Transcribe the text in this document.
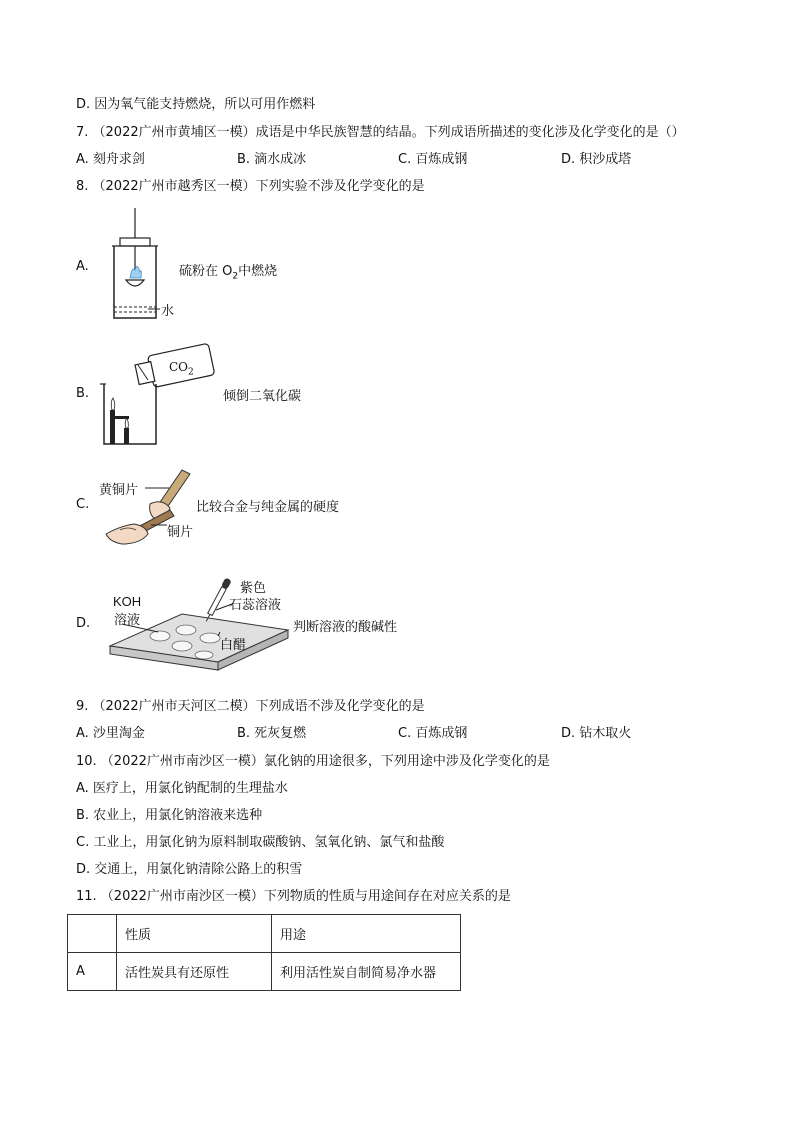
D. 因为氧气能支持燃烧，所以可用作燃料
7. （2022广州市黄埔区一模）成语是中华民族智慧的结晶。下列成语所描述的变化涉及化学变化的是（）
A. 刻舟求剑	B. 滴水成冰	C. 百炼成钢	D. 积沙成塔
8. （2022广州市越秀区一模）下列实验不涉及化学变化的是
A.
水
硫粉在 $O_2$中燃烧
B.
$CO_2$
倾倒二氧化碳
C.
黄铜片
铜片
比较合金与纯金属的硬度
D.
KOH
溶液
紫色
石蕊溶液
白醋
判断溶液的酸碱性
9. （2022广州市天河区二模）下列成语不涉及化学变化的是
A. 沙里淘金	B. 死灰复燃	C. 百炼成钢	D. 钻木取火
10. （2022广州市南沙区一模）氯化钠的用途很多，下列用途中涉及化学变化的是
A. 医疗上，用氯化钠配制的生理盐水
B. 农业上，用氯化钠溶液来选种
C. 工业上，用氯化钠为原料制取碳酸钠、氢氧化钠、氯气和盐酸
D. 交通上，用氯化钠清除公路上的积雪
11. （2022广州市南沙区一模）下列物质的性质与用途间存在对应关系的是
	性质	用途
A	活性炭具有还原性	利用活性炭自制简易净水器
